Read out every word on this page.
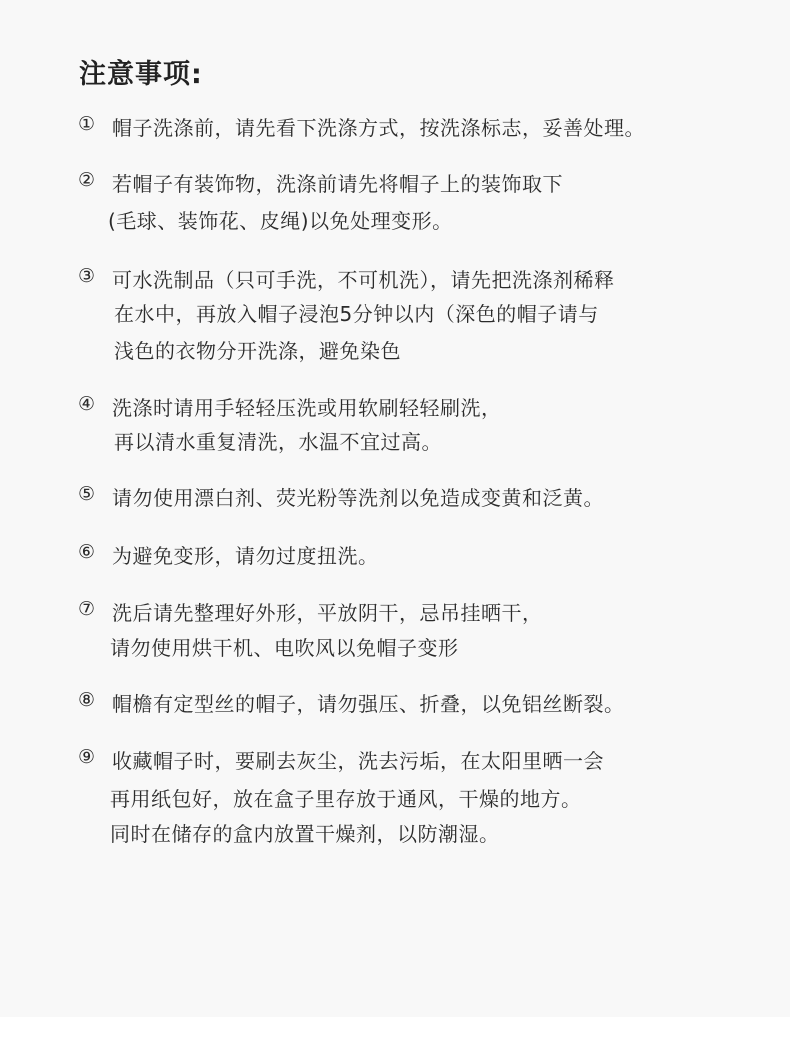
注意事项:
① 帽子洗涤前，请先看下洗涤方式，按洗涤标志，妥善处理。
② 若帽子有装饰物，洗涤前请先将帽子上的装饰取下
(毛球、装饰花、皮绳)以免处理变形。
③ 可水洗制品（只可手洗，不可机洗），请先把洗涤剂稀释
在水中，再放入帽子浸泡5分钟以内（深色的帽子请与
浅色的衣物分开洗涤，避免染色
④ 洗涤时请用手轻轻压洗或用软刷轻轻刷洗，
再以清水重复清洗，水温不宜过高。
⑤ 请勿使用漂白剂、荧光粉等洗剂以免造成变黄和泛黄。
⑥ 为避免变形，请勿过度扭洗。
⑦ 洗后请先整理好外形，平放阴干，忌吊挂晒干，
请勿使用烘干机、电吹风以免帽子变形
⑧ 帽檐有定型丝的帽子，请勿强压、折叠，以免铝丝断裂。
⑨ 收藏帽子时，要刷去灰尘，洗去污垢，在太阳里晒一会
再用纸包好，放在盒子里存放于通风，干燥的地方。
同时在储存的盒内放置干燥剂，以防潮湿。
